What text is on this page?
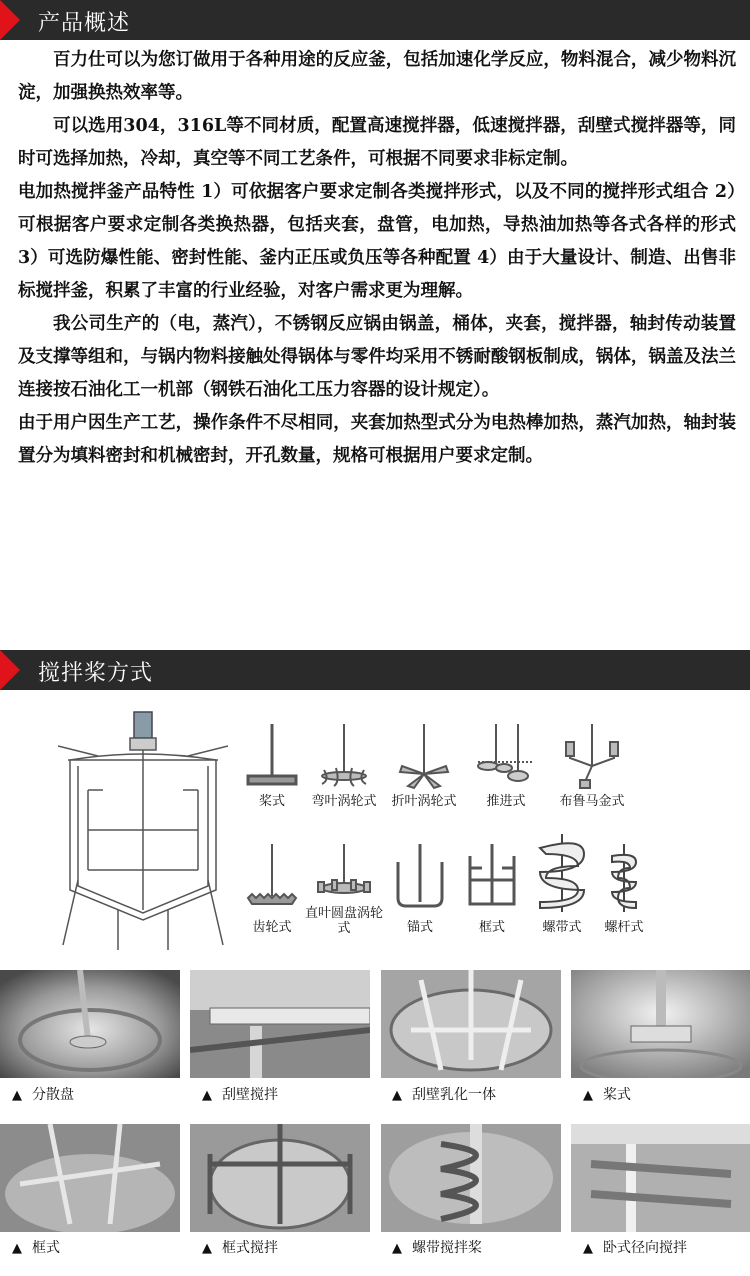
产品概述

百力仕可以为您订做用于各种用途的反应釜，包括加速化学反应，物料混合，减少物料沉淀，加强换热效率等。

可以选用304，316L等不同材质，配置高速搅拌器，低速搅拌器，刮壁式搅拌器等，同时可选择加热，冷却，真空等不同工艺条件，可根据不同要求非标定制。

电加热搅拌釜产品特性 1）可依据客户要求定制各类搅拌形式，以及不同的搅拌形式组合 2）可根据客户要求定制各类换热器，包括夹套，盘管，电加热，导热油加热等各式各样的形式 3）可选防爆性能、密封性能、釜内正压或负压等各种配置 4）由于大量设计、制造、出售非标搅拌釜，积累了丰富的行业经验，对客户需求更为理解。

我公司生产的（电，蒸汽），不锈钢反应锅由锅盖，桶体，夹套，搅拌器，轴封传动装置及支撑等组和，与锅内物料接触处得锅体与零件均采用不锈耐酸钢板制成，锅体，锅盖及法兰连接按石油化工一机部（钢铁石油化工压力容器的设计规定）。

由于用户因生产工艺，操作条件不尽相同，夹套加热型式分为电热棒加热，蒸汽加热，轴封装置分为填料密封和机械密封，开孔数量，规格可根据用户要求定制。

搅拌桨方式
桨式	弯叶涡轮式	折叶涡轮式	推进式	布鲁马金式
齿轮式
直叶圆盘涡轮式	锚式	框式	螺带式	螺杆式
▲ 分散盘	▲ 刮壁搅拌	▲ 刮壁乳化一体	▲ 桨式
▲ 框式	▲ 框式搅拌	▲ 螺带搅拌桨	▲ 卧式径向搅拌
